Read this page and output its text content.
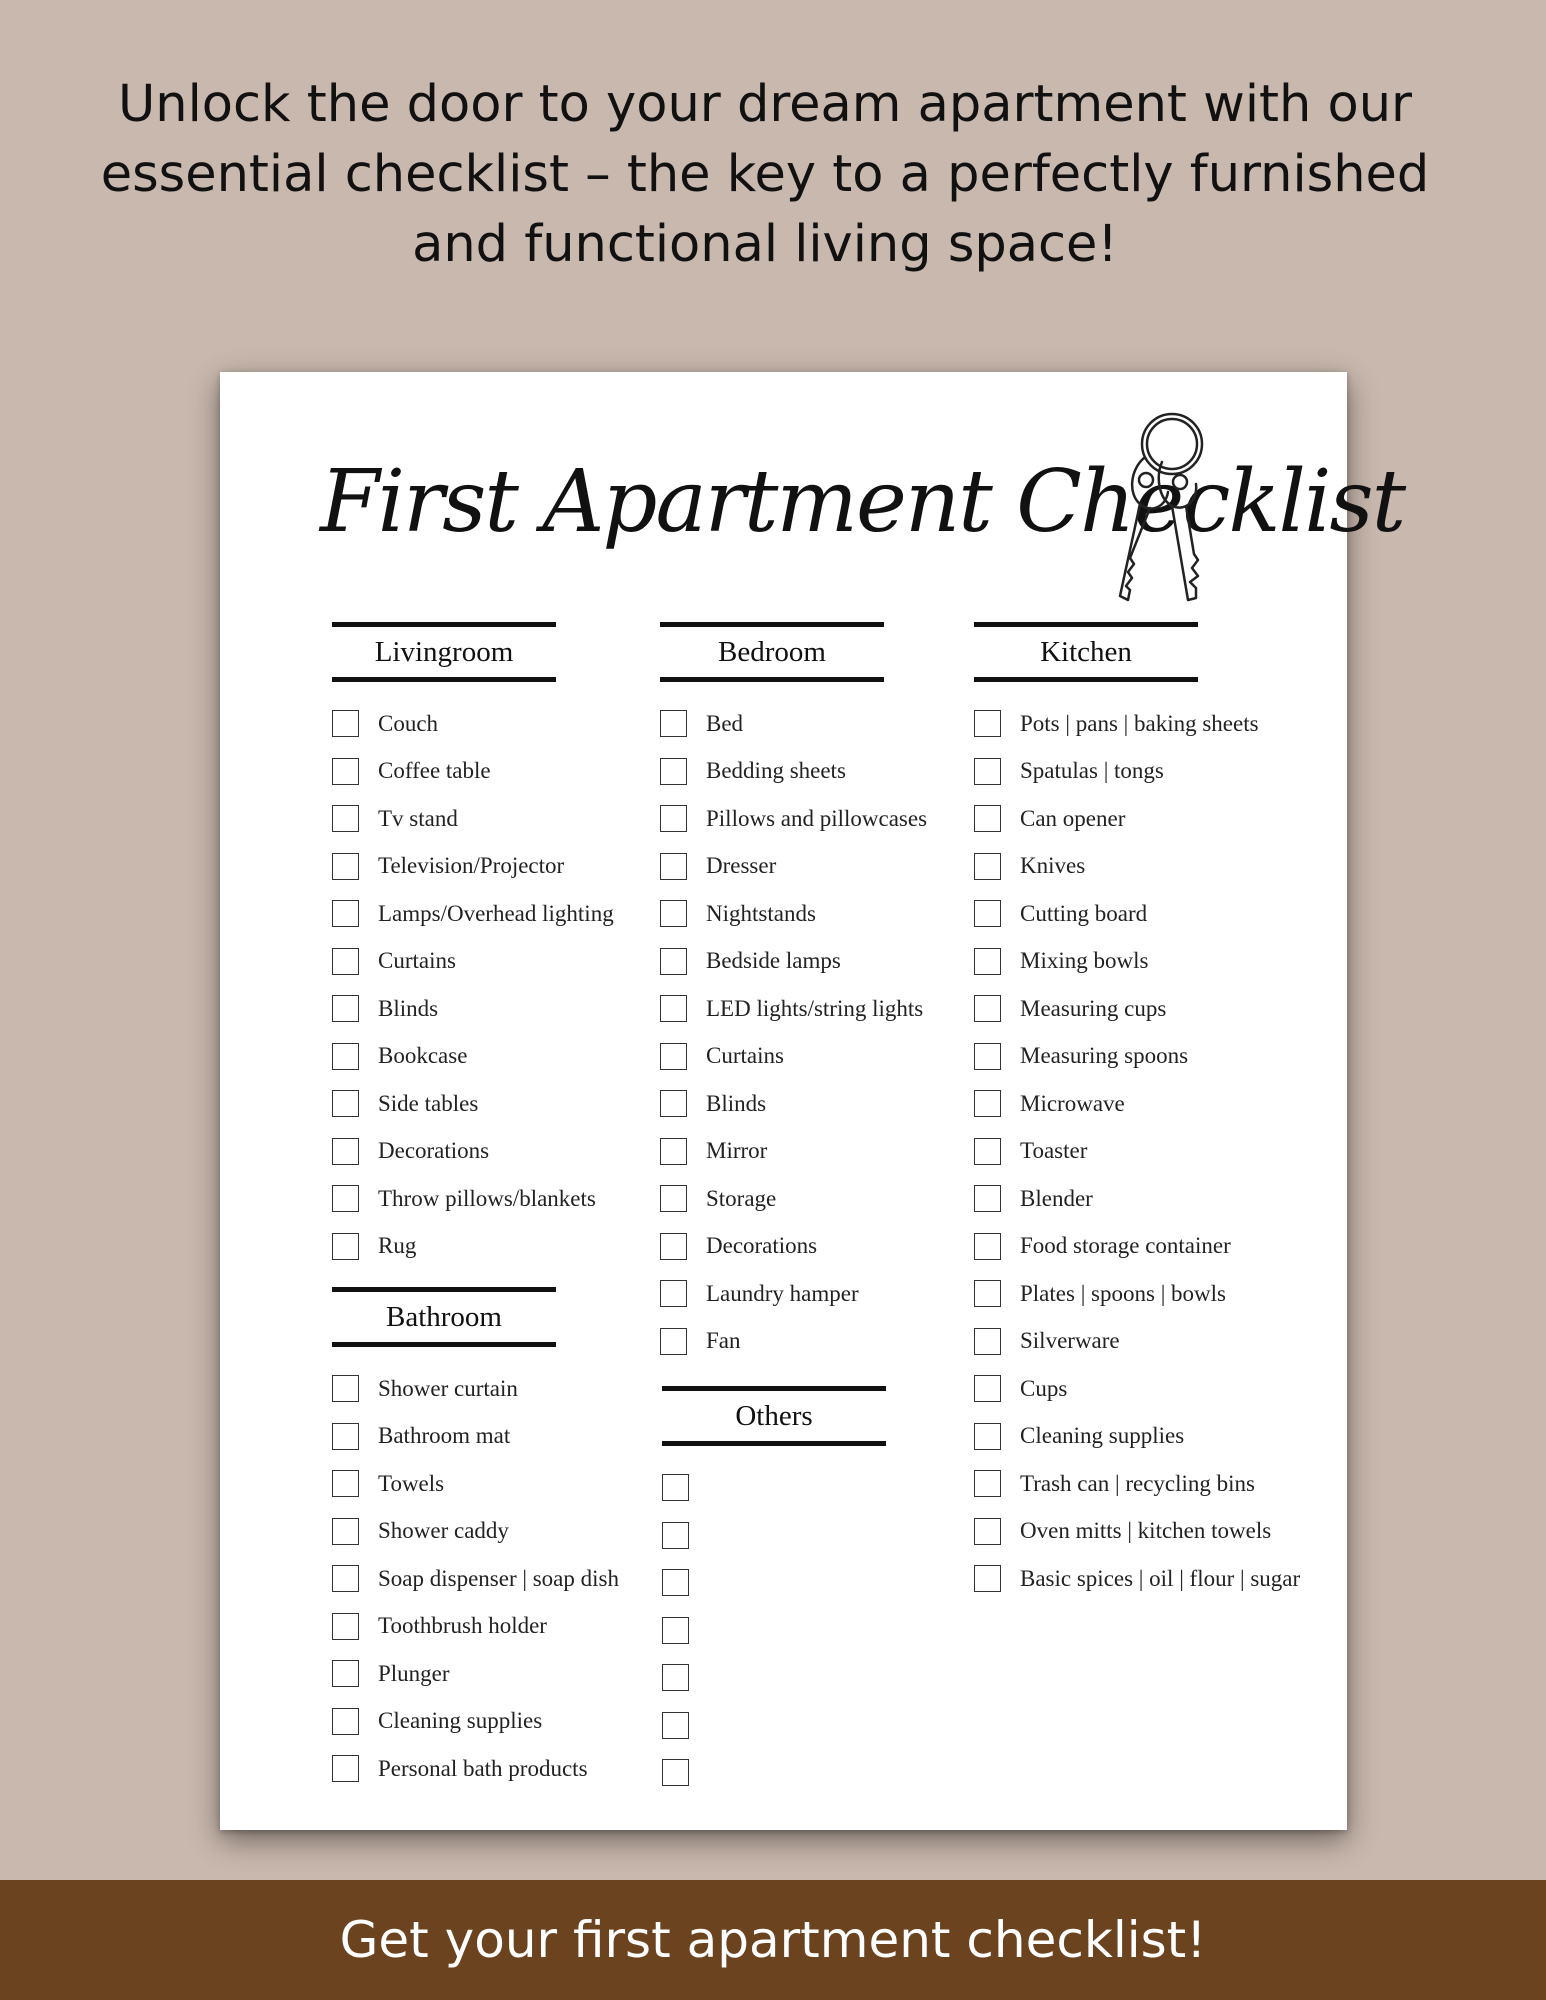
Unlock the door to your dream apartment with our
essential checklist – the key to a perfectly furnished
and functional living space!
First Apartment Checklist
Livingroom
Couch
Coffee table
Tv stand
Television/Projector
Lamps/Overhead lighting
Curtains
Blinds
Bookcase
Side tables
Decorations
Throw pillows/blankets
Rug
Bathroom
Shower curtain
Bathroom mat
Towels
Shower caddy
Soap dispenser | soap dish
Toothbrush holder
Plunger
Cleaning supplies
Personal bath products
Bedroom
Bed
Bedding sheets
Pillows and pillowcases
Dresser
Nightstands
Bedside lamps
LED lights/string lights
Curtains
Blinds
Mirror
Storage
Decorations
Laundry hamper
Fan
Others
Kitchen
Pots | pans | baking sheets
Spatulas | tongs
Can opener
Knives
Cutting board
Mixing bowls
Measuring cups
Measuring spoons
Microwave
Toaster
Blender
Food storage container
Plates | spoons | bowls
Silverware
Cups
Cleaning supplies
Trash can | recycling bins
Oven mitts | kitchen towels
Basic spices | oil | flour | sugar
Get your first apartment checklist!
